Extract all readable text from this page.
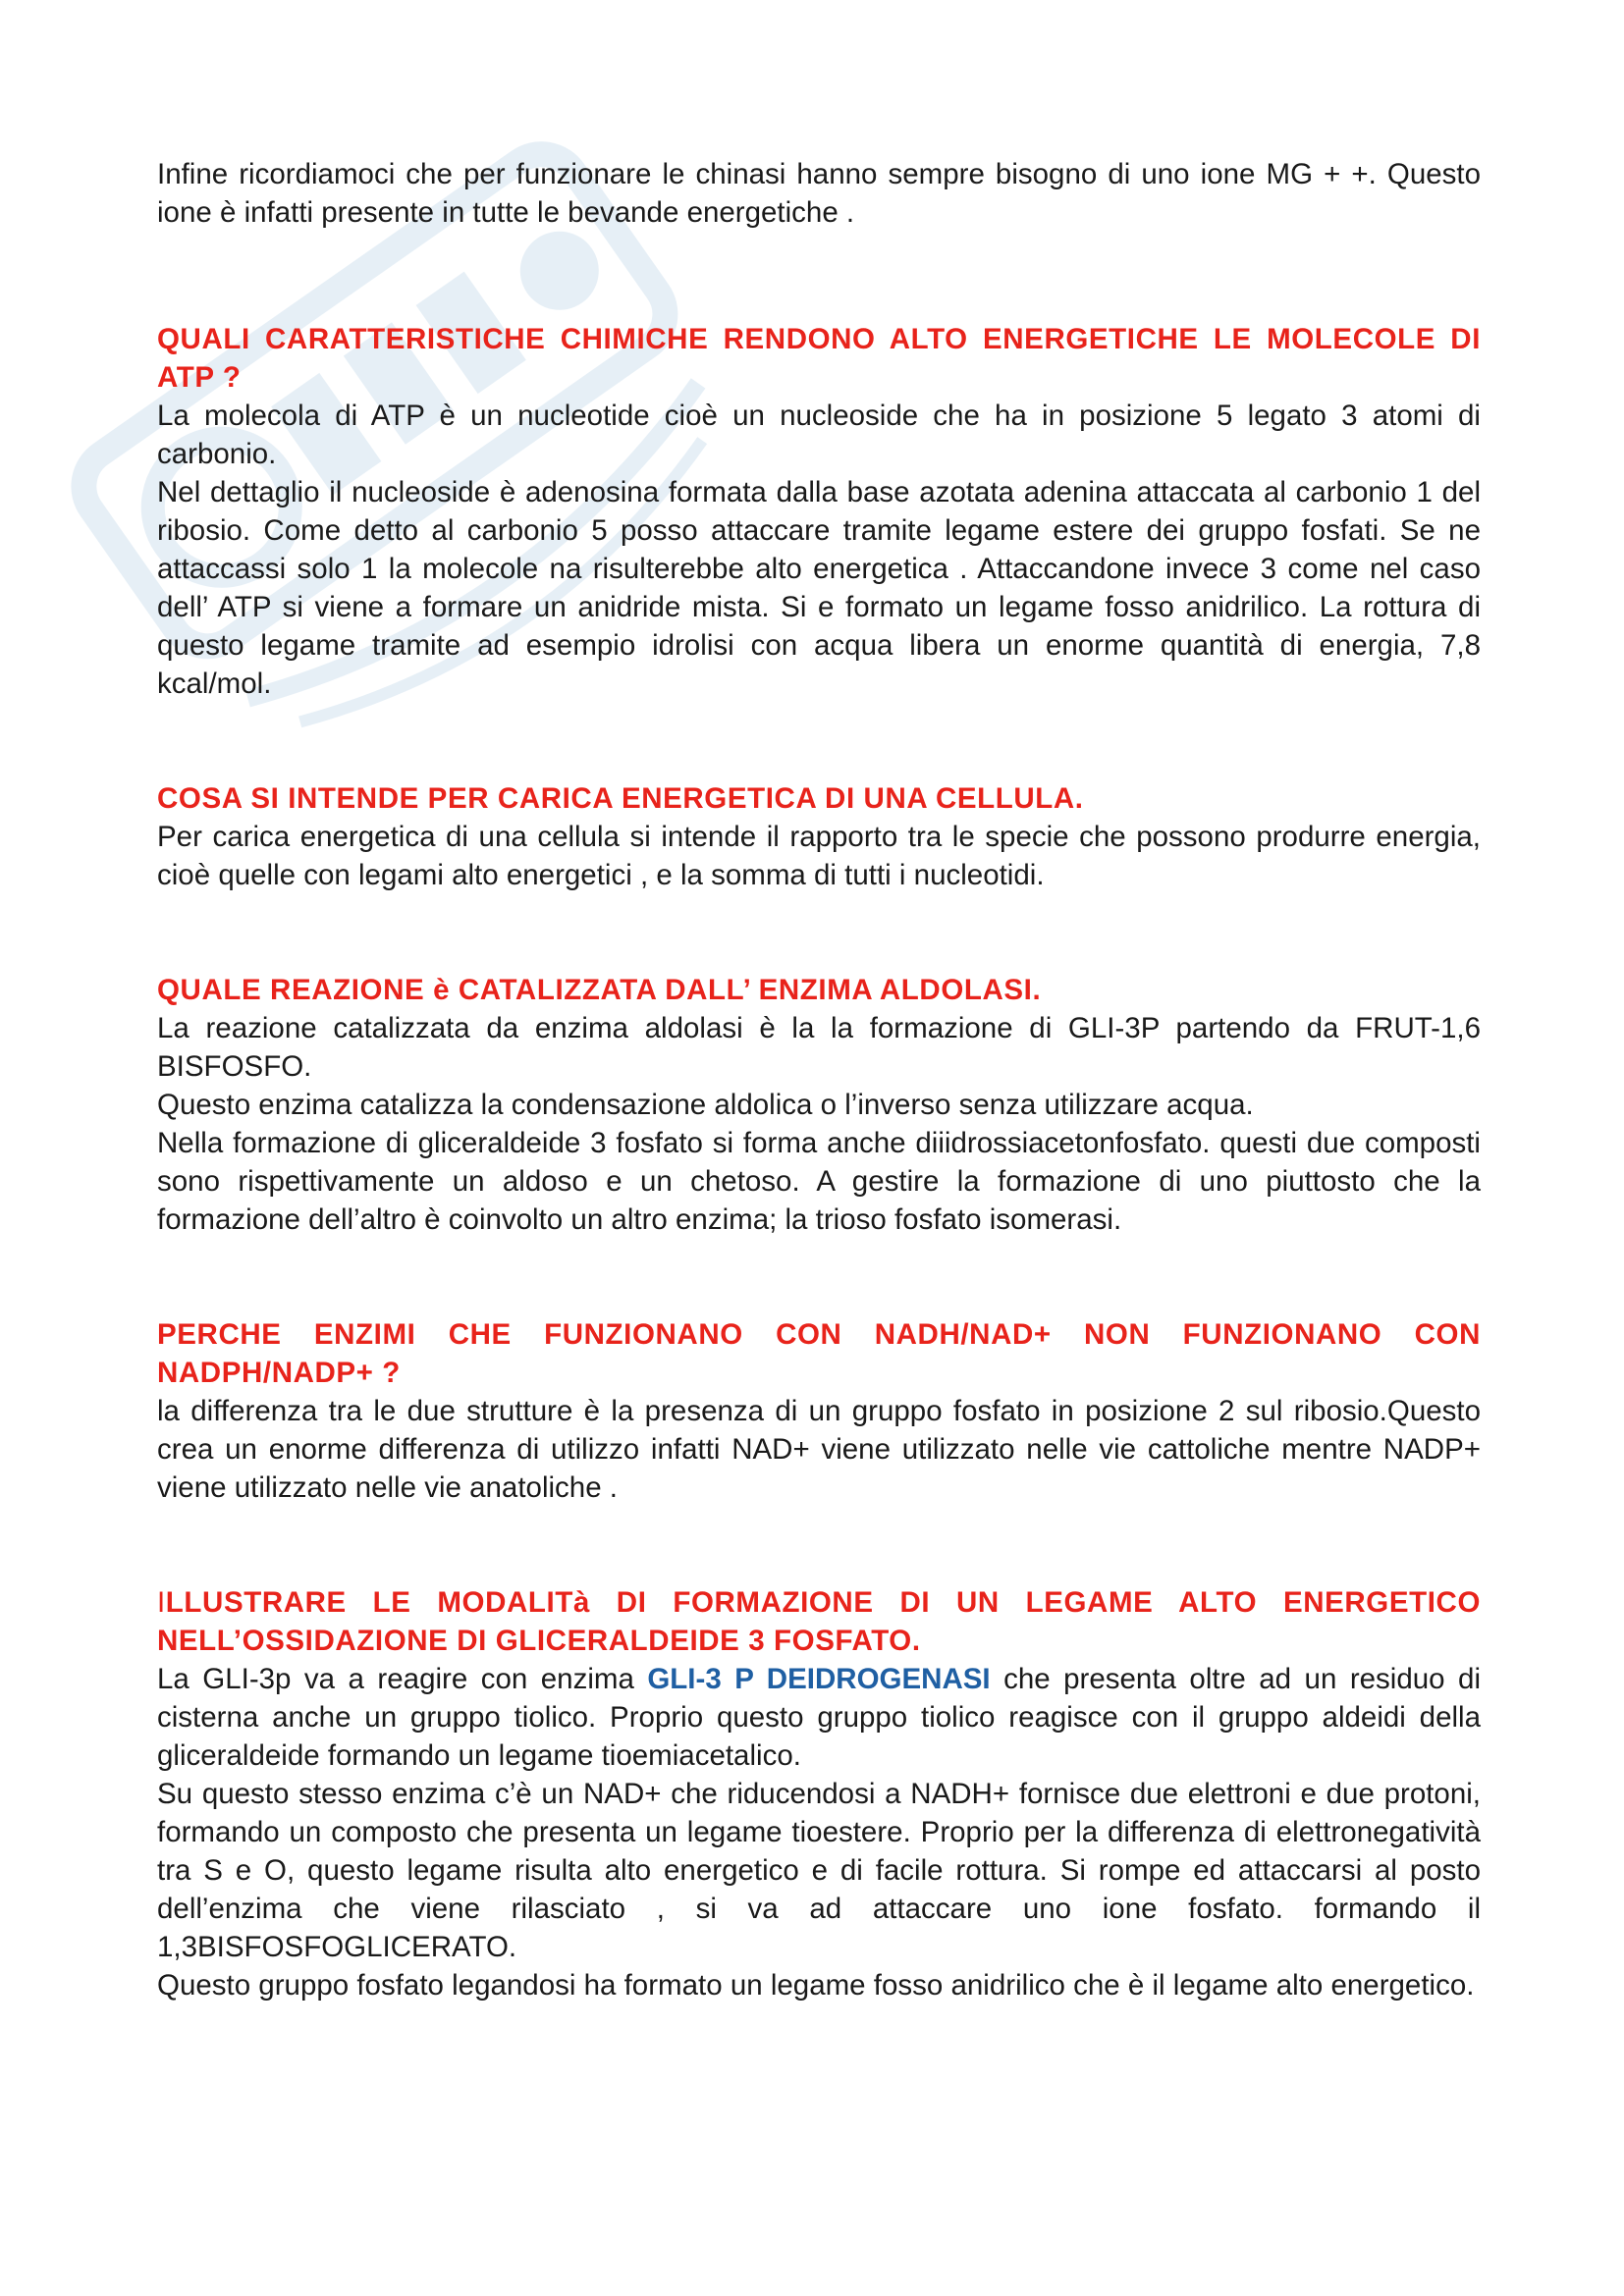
Infine ricordiamoci che per funzionare le chinasi hanno sempre bisogno di uno ione MG + +. Questo ione è infatti presente in tutte le bevande energetiche .

QUALI CARATTERISTICHE CHIMICHE RENDONO ALTO ENERGETICHE LE MOLECOLE DI ATP ?

La molecola di ATP è un nucleotide cioè un nucleoside che ha in posizione 5 legato 3 atomi di carbonio.

Nel dettaglio il nucleoside è adenosina formata dalla base azotata adenina attaccata al carbonio 1 del ribosio. Come detto al carbonio 5 posso attaccare tramite legame estere dei gruppo fosfati. Se ne attaccassi solo 1 la molecole na risulterebbe alto energetica . Attaccandone invece 3 come nel caso dell’ ATP si viene a formare un anidride mista. Si e formato un legame fosso anidrilico. La rottura di questo legame tramite ad esempio idrolisi con acqua libera un enorme quantità di energia, 7,8 kcal/mol.

COSA SI INTENDE PER CARICA ENERGETICA DI UNA CELLULA.

Per carica energetica di una cellula si intende il rapporto tra le specie che possono produrre energia, cioè quelle con legami alto energetici , e la somma di tutti i nucleotidi.

QUALE REAZIONE è CATALIZZATA DALL’ ENZIMA ALDOLASI.

La reazione catalizzata da enzima aldolasi è la la formazione di GLI-3P partendo da FRUT-1,6 BISFOSFO.

Questo enzima catalizza la condensazione aldolica o l’inverso senza utilizzare acqua.

Nella formazione di gliceraldeide 3 fosfato si forma anche diiidrossiacetonfosfato. questi due composti sono rispettivamente un aldoso e un chetoso. A gestire la formazione di uno piuttosto che la formazione dell’altro è coinvolto un altro enzima; la trioso fosfato isomerasi.

PERCHE ENZIMI CHE FUNZIONANO CON NADH/NAD+ NON FUNZIONANO CON NADPH/NADP+ ?

la differenza tra le due strutture è la presenza di un gruppo fosfato in posizione 2 sul ribosio.Questo crea un enorme differenza di utilizzo infatti NAD+ viene utilizzato nelle vie cattoliche mentre NADP+ viene utilizzato nelle vie anatoliche .

ILLUSTRARE LE MODALITà DI FORMAZIONE DI UN LEGAME ALTO ENERGETICO NELL’OSSIDAZIONE DI GLICERALDEIDE 3 FOSFATO.

La GLI-3p va a reagire con enzima GLI-3 P DEIDROGENASI che presenta oltre ad un residuo di cisterna anche un gruppo tiolico. Proprio questo gruppo tiolico reagisce con il gruppo aldeidi della gliceraldeide formando un legame tioemiacetalico.

Su questo stesso enzima c’è un NAD+ che riducendosi a NADH+ fornisce due elettroni e due protoni, formando un composto che presenta un legame tioestere. Proprio per la differenza di elettronegatività tra S e O, questo legame risulta alto energetico e di facile rottura. Si rompe ed attaccarsi al posto dell’enzima che viene rilasciato , si va ad attaccare uno ione fosfato. formando il 1,3BISFOSFOGLICERATO.

Questo gruppo fosfato legandosi ha formato un legame fosso anidrilico che è il legame alto energetico.
